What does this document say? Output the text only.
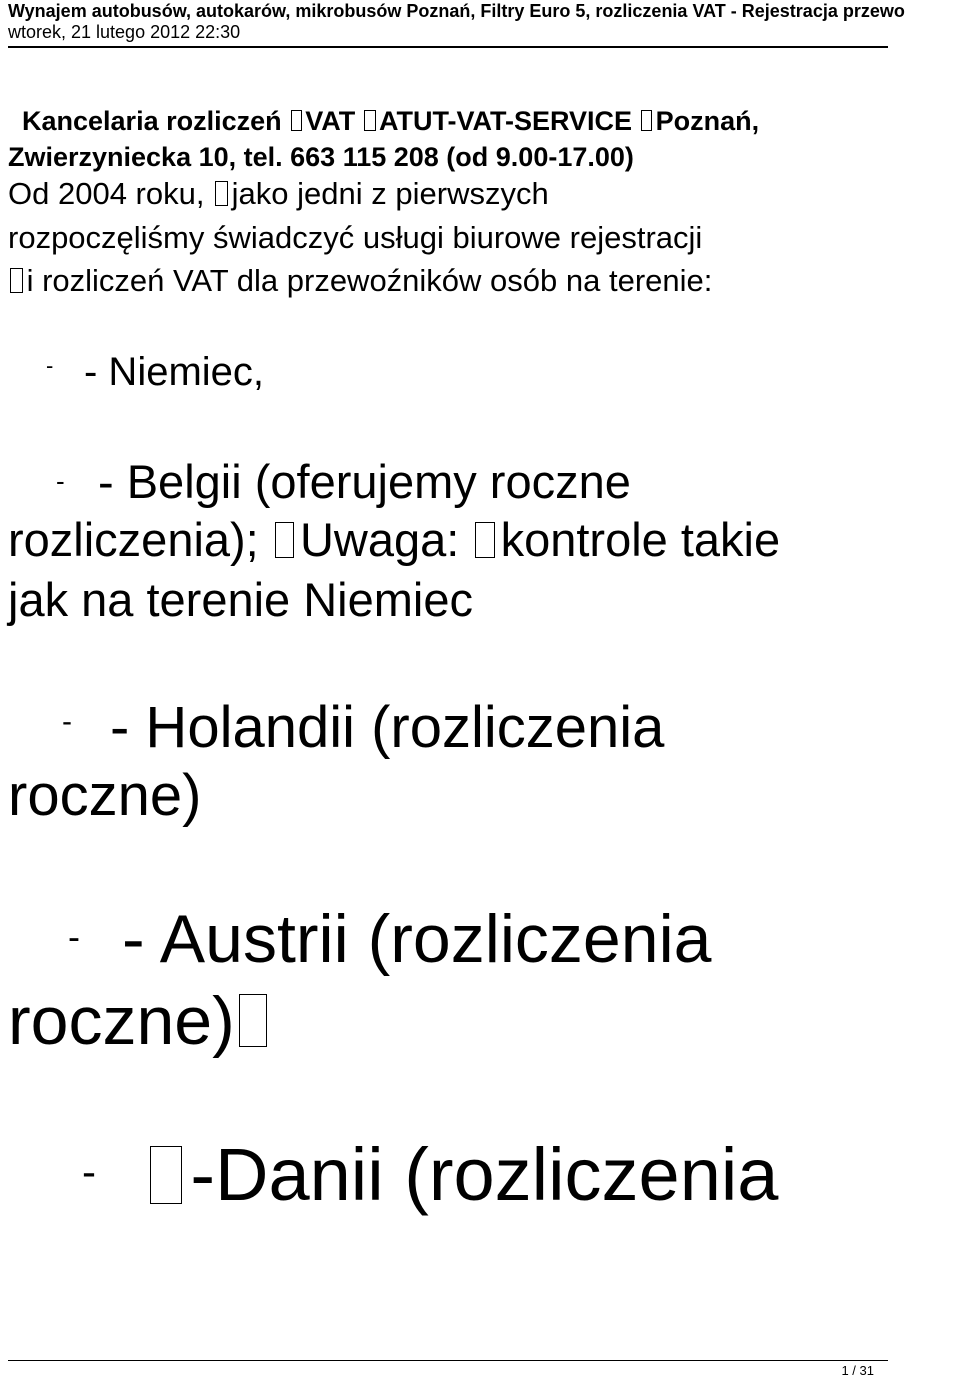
Wynajem autobusów, autokarów, mikrobusów Poznań, Filtry Euro 5, rozliczenia VAT - Rejestracja przewo
wtorek, 21 lutego 2012 22:30
Kancelaria rozliczeń VAT ATUT-VAT-SERVICE Poznań,
Zwierzyniecka 10, tel. 663 115 208 (od 9.00-17.00)
Od 2004 roku, jako jedni z pierwszych
rozpoczęliśmy świadczyć usługi biurowe rejestracji
i rozliczeń VAT dla przewoźników osób na terenie:
- - Niemiec,
- - Belgii (oferujemy roczne
rozliczenia); Uwaga: kontrole takie
jak na terenie Niemiec
- - Holandii (rozliczenia
roczne)
- - Austrii (rozliczenia
roczne)
-	-Danii (rozliczenia
1 / 31
